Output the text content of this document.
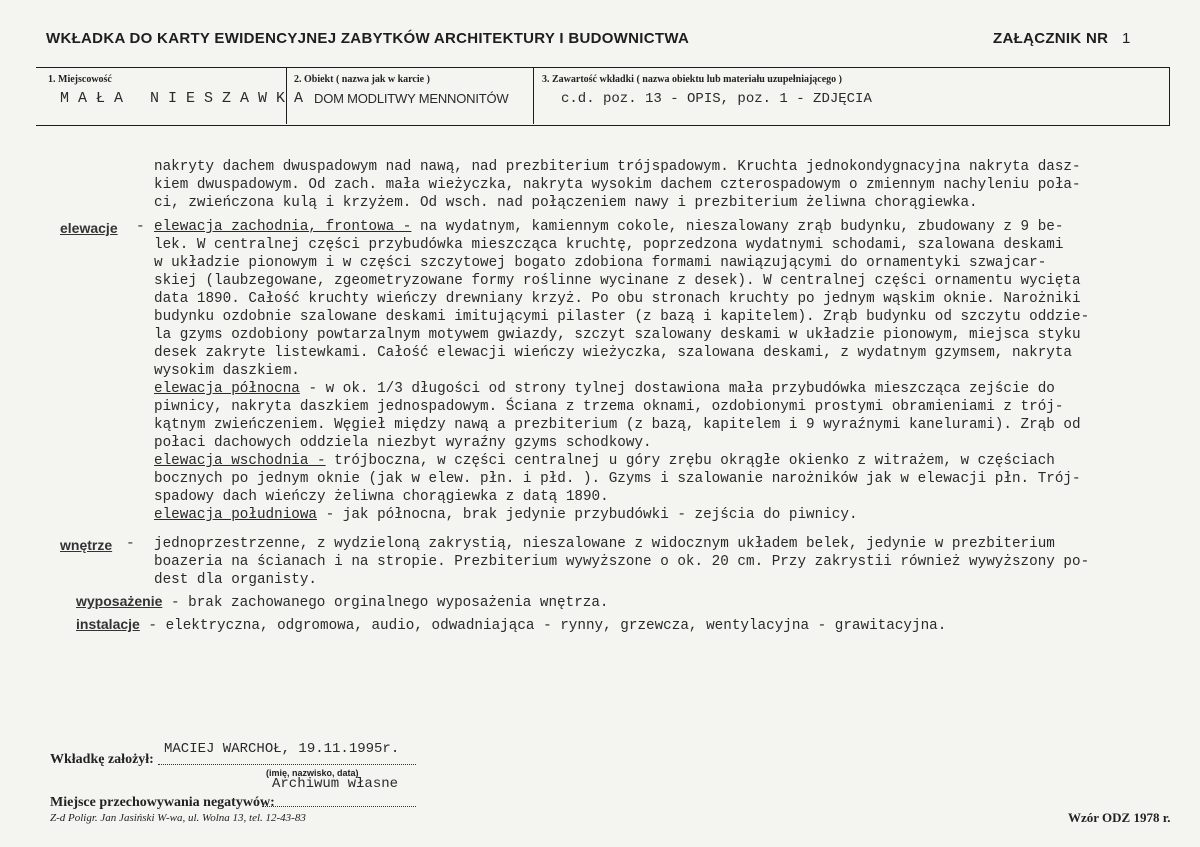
WKŁADKA DO KARTY EWIDENCYJNEJ ZABYTKÓW ARCHITEKTURY I BUDOWNICTWA	ZAŁĄCZNIK NR 1
1. Miejscowość
M A Ł A   N I E S Z A W K A
2. Obiekt ( nazwa jak w karcie )
DOM MODLITWY MENNONITÓW
3. Zawartość wkładki ( nazwa obiektu lub materiału uzupełniającego )
c.d. poz. 13 - OPIS, poz. 1 - ZDJĘCIA
nakryty dachem dwuspadowym nad nawą, nad prezbiterium trójspadowym. Kruchta jednokondygnacyjna nakryta dasz-
kiem dwuspadowym. Od zach. mała wieżyczka, nakryta wysokim dachem czterospadowym o zmiennym nachyleniu poła-
ci, zwieńczona kulą i krzyżem. Od wsch. nad połączeniem nawy i prezbiterium żeliwna chorągiewka.
elewacje - elewacja zachodnia, frontowa - na wydatnym, kamiennym cokole, nieszalowany zrąb budynku, zbudowany z 9 be-
lek. W centralnej części przybudówka mieszcząca kruchtę, poprzedzona wydatnymi schodami, szalowana deskami
w układzie pionowym i w części szczytowej bogato zdobiona formami nawiązującymi do ornamentyki szwajcar-
skiej (laubzegowane, zgeometryzowane formy roślinne wycinane z desek). W centralnej części ornamentu wycięta
data 1890. Całość kruchty wieńczy drewniany krzyż. Po obu stronach kruchty po jednym wąskim oknie. Narożniki
budynku ozdobnie szalowane deskami imitującymi pilaster (z bazą i kapitelem). Zrąb budynku od szczytu oddzie-
la gzyms ozdobiony powtarzalnym motywem gwiazdy, szczyt szalowany deskami w układzie pionowym, miejsca styku
desek zakryte listewkami. Całość elewacji wieńczy wieżyczka, szalowana deskami, z wydatnym gzymsem, nakryta
wysokim daszkiem.
elewacja północna - w ok. 1/3 długości od strony tylnej dostawiona mała przybudówka mieszcząca zejście do
piwnicy, nakryta daszkiem jednospadowym. Ściana z trzema oknami, ozdobionymi prostymi obramieniami z trój-
kątnym zwieńczeniem. Węgieł między nawą a prezbiterium (z bazą, kapitelem i 9 wyraźnymi kanelurami). Zrąb od
połaci dachowych oddziela niezbyt wyraźny gzyms schodkowy.
elewacja wschodnia - trójboczna, w części centralnej u góry zrębu okrągłe okienko z witrażem, w częściach
bocznych po jednym oknie (jak w elew. płn. i płd. ). Gzyms i szalowanie narożników jak w elewacji płn. Trój-
spadowy dach wieńczy żeliwna chorągiewka z datą 1890.
elewacja południowa - jak północna, brak jedynie przybudówki - zejścia do piwnicy.
wnętrze - jednoprzestrzenne, z wydzieloną zakrystią, nieszalowane z widocznym układem belek, jedynie w prezbiterium
boazeria na ścianach i na stropie. Prezbiterium wywyższone o ok. 20 cm. Przy zakrystii również wywyższony po-
dest dla organisty.

wyposażenie - brak zachowanego orginalnego wyposażenia wnętrza.

instalacje - elektryczna, odgromowa, audio, odwadniająca - rynny, grzewcza, wentylacyjna - grawitacyjna.

Wkładkę założył:
MACIEJ WARCHOŁ, 19.11.1995r.
(imię, nazwisko, data)
Archiwum własne
Miejsce przechowywania negatywów:
Z-d Poligr. Jan Jasiński W-wa, ul. Wolna 13, tel. 12-43-83	Wzór ODZ 1978 r.
